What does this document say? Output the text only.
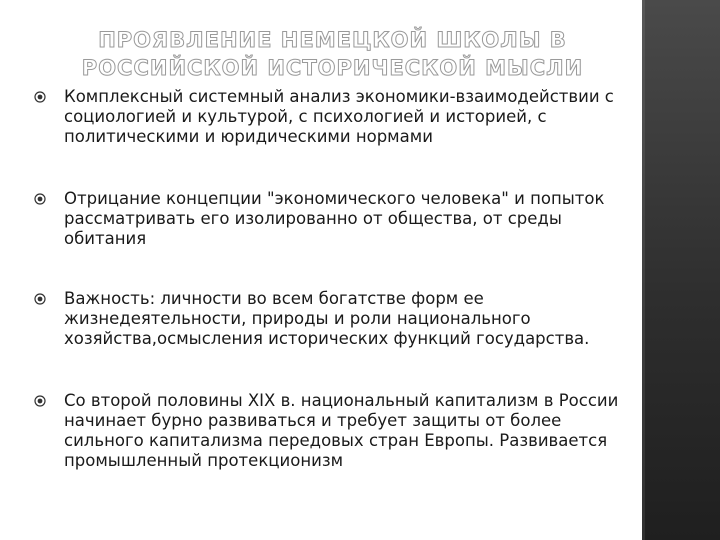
ПРОЯВЛЕНИЕ НЕМЕЦКОЙ ШКОЛЫ В РОССИЙСКОЙ ИСТОРИЧЕСКОЙ МЫСЛИ
Комплексный системный анализ экономики-взаимодействии с социологией и культурой, с психологией и историей, с политическими и юридическими нормами
Отрицание концепции "экономического человека" и попыток рассматривать его изолированно от общества, от среды обитания
Важность: личности во всем богатстве форм ее жизнедеятельности, природы и роли национального хозяйства,осмысления исторических функций государства.
Со второй половины XIX в. национальный капитализм в России начинает бурно развиваться и требует защиты от более сильного капитализма передовых стран Европы. Развивается промышленный протекционизм
